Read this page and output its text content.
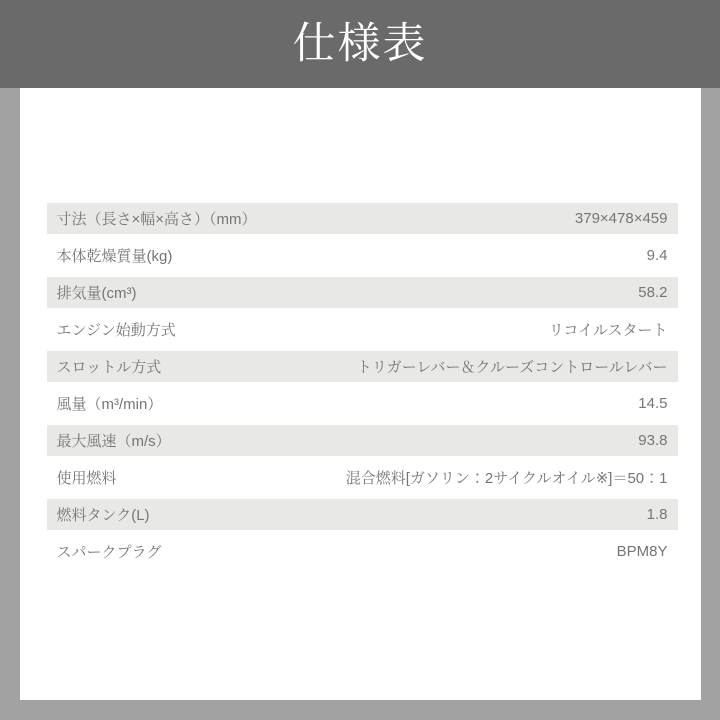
仕様表
寸法（長さ×幅×高さ）（mm）	379×478×459
本体乾燥質量(kg)	9.4
排気量(cm³)	58.2
エンジン始動方式	リコイルスタート
スロットル方式	トリガーレバー＆クルーズコントロールレバー
風量（m³/min）	14.5
最大風速（m/s）	93.8
使用燃料	混合燃料[ガソリン：2サイクルオイル※]＝50：1
燃料タンク(L)	1.8
スパークプラグ	BPM8Y
